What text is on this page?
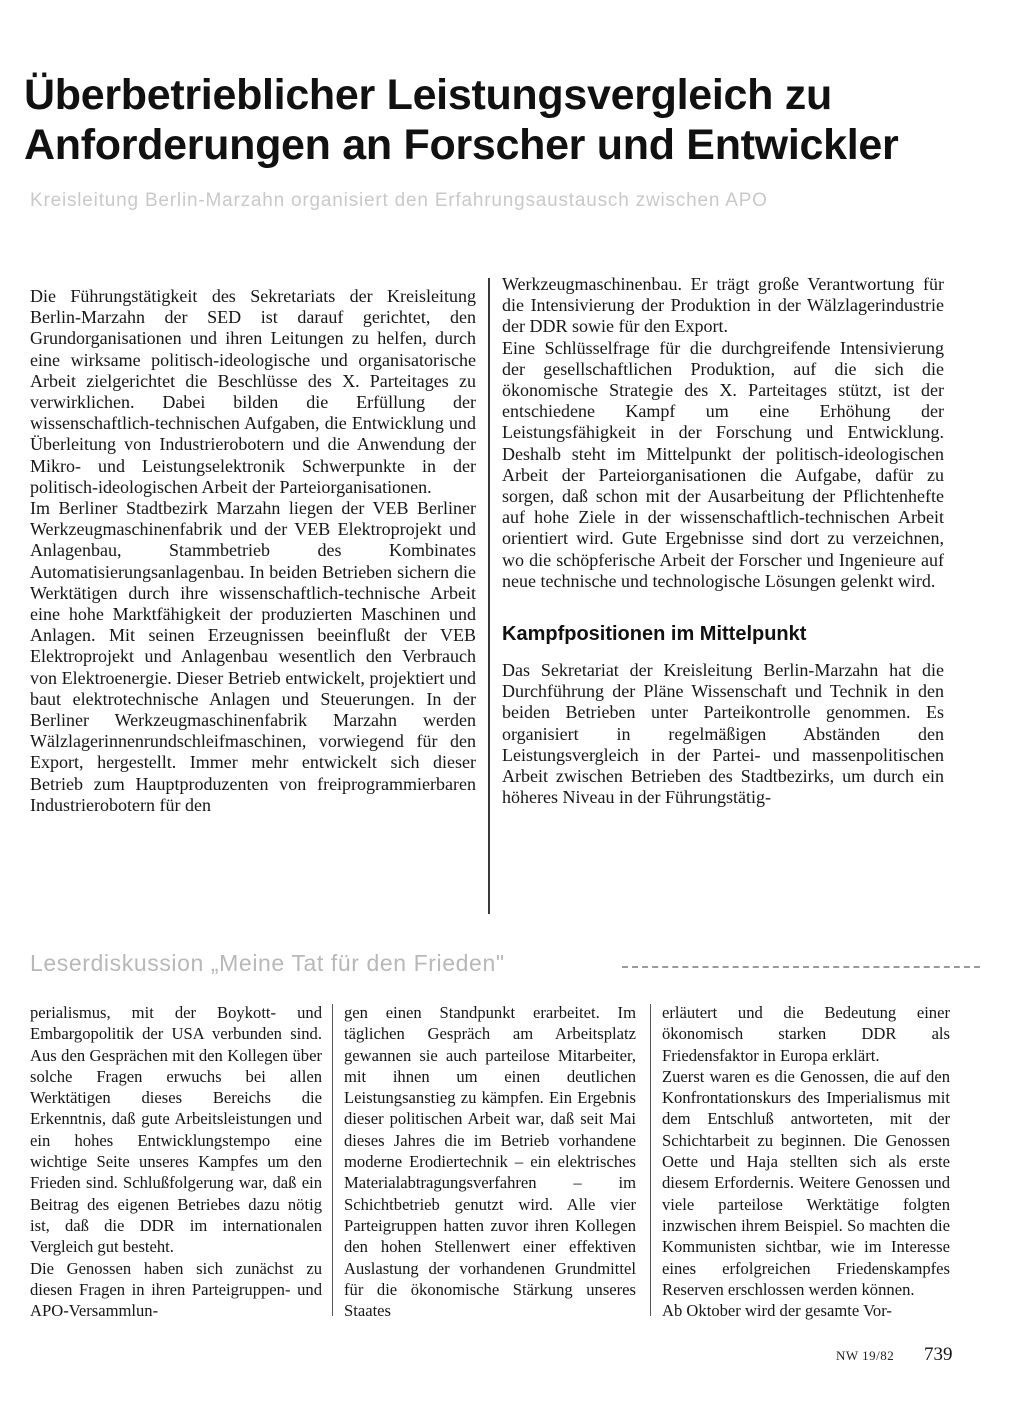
Überbetrieblicher Leistungsvergleich zu
Anforderungen an Forscher und Entwickler
Kreisleitung Berlin-Marzahn organisiert den Erfahrungsaustausch zwischen APO

Die Führungstätigkeit des Sekretariats der Kreisleitung Berlin-Marzahn der SED ist darauf gerichtet, den Grundorganisationen und ihren Leitungen zu helfen, durch eine wirksame politisch-ideologische und organisatorische Arbeit zielgerichtet die Beschlüsse des X. Parteitages zu verwirklichen. Dabei bilden die Erfüllung der wissenschaftlich-technischen Aufgaben, die Entwicklung und Überleitung von Industrierobotern und die Anwendung der Mikro- und Leistungselektronik Schwerpunkte in der politisch-ideologischen Arbeit der Parteiorganisationen.

Im Berliner Stadtbezirk Marzahn liegen der VEB Berliner Werkzeugmaschinenfabrik und der VEB Elektroprojekt und Anlagenbau, Stammbetrieb des Kombinates Automatisierungsanlagenbau. In beiden Betrieben sichern die Werktätigen durch ihre wissenschaftlich-technische Arbeit eine hohe Marktfähigkeit der produzierten Maschinen und Anlagen. Mit seinen Erzeugnissen beeinflußt der VEB Elektroprojekt und Anlagenbau wesentlich den Verbrauch von Elektroenergie. Dieser Betrieb entwickelt, projektiert und baut elektrotechnische Anlagen und Steuerungen. In der Berliner Werkzeugmaschinenfabrik Marzahn werden Wälzlagerinnenrundschleifmaschinen, vorwiegend für den Export, hergestellt. Immer mehr entwickelt sich dieser Betrieb zum Hauptproduzenten von freiprogrammierbaren Industrierobotern für den

Werkzeugmaschinenbau. Er trägt große Verantwortung für die Intensivierung der Produktion in der Wälzlagerindustrie der DDR sowie für den Export.

Eine Schlüsselfrage für die durchgreifende Intensivierung der gesellschaftlichen Produktion, auf die sich die ökonomische Strategie des X. Parteitages stützt, ist der entschiedene Kampf um eine Erhöhung der Leistungsfähigkeit in der Forschung und Entwicklung. Deshalb steht im Mittelpunkt der politisch-ideologischen Arbeit der Parteiorganisationen die Aufgabe, dafür zu sorgen, daß schon mit der Ausarbeitung der Pflichtenhefte auf hohe Ziele in der wissenschaftlich-technischen Arbeit orientiert wird. Gute Ergebnisse sind dort zu verzeichnen, wo die schöpferische Arbeit der Forscher und Ingenieure auf neue technische und technologische Lösungen gelenkt wird.

Kampfpositionen im Mittelpunkt

Das Sekretariat der Kreisleitung Berlin-Marzahn hat die Durchführung der Pläne Wissenschaft und Technik in den beiden Betrieben unter Parteikontrolle genommen. Es organisiert in regelmäßigen Abständen den Leistungsvergleich in der Partei- und massenpolitischen Arbeit zwischen Betrieben des Stadtbezirks, um durch ein höheres Niveau in der Führungstätig-

Leserdiskussion „Meine Tat für den Frieden"

perialismus, mit der Boykott- und Embargopolitik der USA verbunden sind. Aus den Gesprächen mit den Kollegen über solche Fragen erwuchs bei allen Werktätigen dieses Bereichs die Erkenntnis, daß gute Arbeitsleistungen und ein hohes Entwicklungstempo eine wichtige Seite unseres Kampfes um den Frieden sind. Schlußfolgerung war, daß ein Beitrag des eigenen Betriebes dazu nötig ist, daß die DDR im internationalen Vergleich gut besteht.

Die Genossen haben sich zunächst zu diesen Fragen in ihren Parteigruppen- und APO-Versammlun-

gen einen Standpunkt erarbeitet. Im täglichen Gespräch am Arbeitsplatz gewannen sie auch parteilose Mitarbeiter, mit ihnen um einen deutlichen Leistungsanstieg zu kämpfen. Ein Ergebnis dieser politischen Arbeit war, daß seit Mai dieses Jahres die im Betrieb vorhandene moderne Erodiertechnik – ein elektrisches Materialabtragungsverfahren – im Schichtbetrieb genutzt wird. Alle vier Parteigruppen hatten zuvor ihren Kollegen den hohen Stellenwert einer effektiven Auslastung der vorhandenen Grundmittel für die ökonomische Stärkung unseres Staates

erläutert und die Bedeutung einer ökonomisch starken DDR als Friedensfaktor in Europa erklärt.

Zuerst waren es die Genossen, die auf den Konfrontationskurs des Imperialismus mit dem Entschluß antworteten, mit der Schichtarbeit zu beginnen. Die Genossen Oette und Haja stellten sich als erste diesem Erfordernis. Weitere Genossen und viele parteilose Werktätige folgten inzwischen ihrem Beispiel. So machten die Kommunisten sichtbar, wie im Interesse eines erfolgreichen Friedenskampfes Reserven erschlossen werden können.

Ab Oktober wird der gesamte Vor-

NW 19/82 739
